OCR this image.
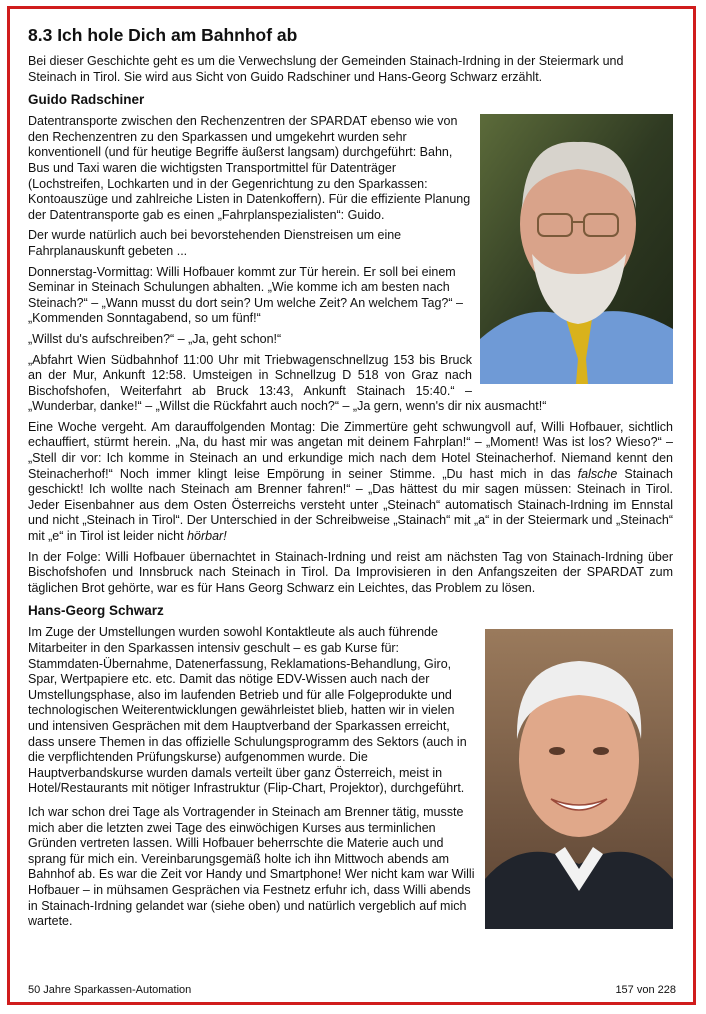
8.3 Ich hole Dich am Bahnhof ab

Bei dieser Geschichte geht es um die Verwechslung der Gemeinden Stainach-Irdning in der Steiermark und Steinach in Tirol. Sie wird aus Sicht von Guido Radschiner und Hans-Georg Schwarz erzählt.

Guido Radschiner

Datentransporte zwischen den Rechenzentren der SPARDAT ebenso wie von den Rechenzentren zu den Sparkassen und umgekehrt wurden sehr konventionell (und für heutige Begriffe äußerst langsam) durchgeführt: Bahn, Bus und Taxi waren die wichtigsten Transportmittel für Datenträger (Lochstreifen, Lochkarten und in der Gegenrichtung zu den Sparkassen: Kontoauszüge und zahlreiche Listen in Datenkoffern). Für die effiziente Planung der Datentransporte gab es einen „Fahrplanspezialisten“: Guido.

Der wurde natürlich auch bei bevorstehenden Dienstreisen um eine Fahrplanauskunft gebeten ...

Donnerstag-Vormittag: Willi Hofbauer kommt zur Tür herein. Er soll bei einem Seminar in Steinach Schulungen abhalten. „Wie komme ich am besten nach Steinach?“ – „Wann musst du dort sein? Um welche Zeit? An welchem Tag?“ – „Kommenden Sonntagabend, so um fünf!“

„Willst du's aufschreiben?“ – „Ja, geht schon!“

„Abfahrt Wien Südbahnhof 11:00 Uhr mit Triebwagenschnellzug 153 bis Bruck an der Mur, Ankunft 12:58. Umsteigen in Schnellzug D 518 von Graz nach Bischofshofen, Weiterfahrt ab Bruck 13:43, Ankunft Stainach 15:40.“ – „Wunderbar, danke!“ – „Willst die Rückfahrt auch noch?“ – „Ja gern, wenn's dir nix ausmacht!“

Eine Woche vergeht. Am darauffolgenden Montag: Die Zimmertüre geht schwungvoll auf, Willi Hofbauer, sichtlich echauffiert, stürmt herein. „Na, du hast mir was angetan mit deinem Fahrplan!“ – „Moment! Was ist los? Wieso?“ – „Stell dir vor: Ich komme in Steinach an und erkundige mich nach dem Hotel Steinacherhof. Niemand kennt den Steinacherhof!“ Noch immer klingt leise Empörung in seiner Stimme. „Du hast mich in das falsche Stainach geschickt! Ich wollte nach Steinach am Brenner fahren!“ – „Das hättest du mir sagen müssen: Steinach in Tirol. Jeder Eisenbahner aus dem Osten Österreichs versteht unter „Steinach“ automatisch Stainach-Irdning im Ennstal und nicht „Steinach in Tirol“. Der Unterschied in der Schreibweise „Stainach“ mit „a“ in der Steiermark und „Steinach“ mit „e“ in Tirol ist leider nicht hörbar!

In der Folge: Willi Hofbauer übernachtet in Stainach-Irdning und reist am nächsten Tag von Stainach-Irdning über Bischofshofen und Innsbruck nach Steinach in Tirol. Da Improvisieren in den Anfangszeiten der SPARDAT zum täglichen Brot gehörte, war es für Hans Georg Schwarz ein Leichtes, das Problem zu lösen.

Hans-Georg Schwarz

Im Zuge der Umstellungen wurden sowohl Kontaktleute als auch führende Mitarbeiter in den Sparkassen intensiv geschult – es gab Kurse für: Stammdaten-Übernahme, Datenerfassung, Reklamations-Behandlung, Giro, Spar, Wertpapiere etc. etc. Damit das nötige EDV-Wissen auch nach der Umstellungsphase, also im laufenden Betrieb und für alle Folgeprodukte und technologischen Weiterentwicklungen gewährleistet blieb, hatten wir in vielen und intensiven Gesprächen mit dem Hauptverband der Sparkassen erreicht, dass unsere Themen in das offizielle Schulungsprogramm des Sektors (auch in die verpflichtenden Prüfungskurse) aufgenommen wurde. Die Hauptverbandskurse wurden damals verteilt über ganz Österreich, meist in Hotel/Restaurants mit nötiger Infrastruktur (Flip-Chart, Projektor), durchgeführt.

Ich war schon drei Tage als Vortragender in Steinach am Brenner tätig, musste mich aber die letzten zwei Tage des einwöchigen Kurses aus terminlichen Gründen vertreten lassen. Willi Hofbauer beherrschte die Materie auch und sprang für mich ein. Vereinbarungsgemäß holte ich ihn Mittwoch abends am Bahnhof ab. Es war die Zeit vor Handy und Smartphone! Wer nicht kam war Willi Hofbauer – in mühsamen Gesprächen via Festnetz erfuhr ich, dass Willi abends in Stainach-Irdning gelandet war (siehe oben) und natürlich vergeblich auf mich wartete.

50 Jahre Sparkassen-Automation	157 von 228
